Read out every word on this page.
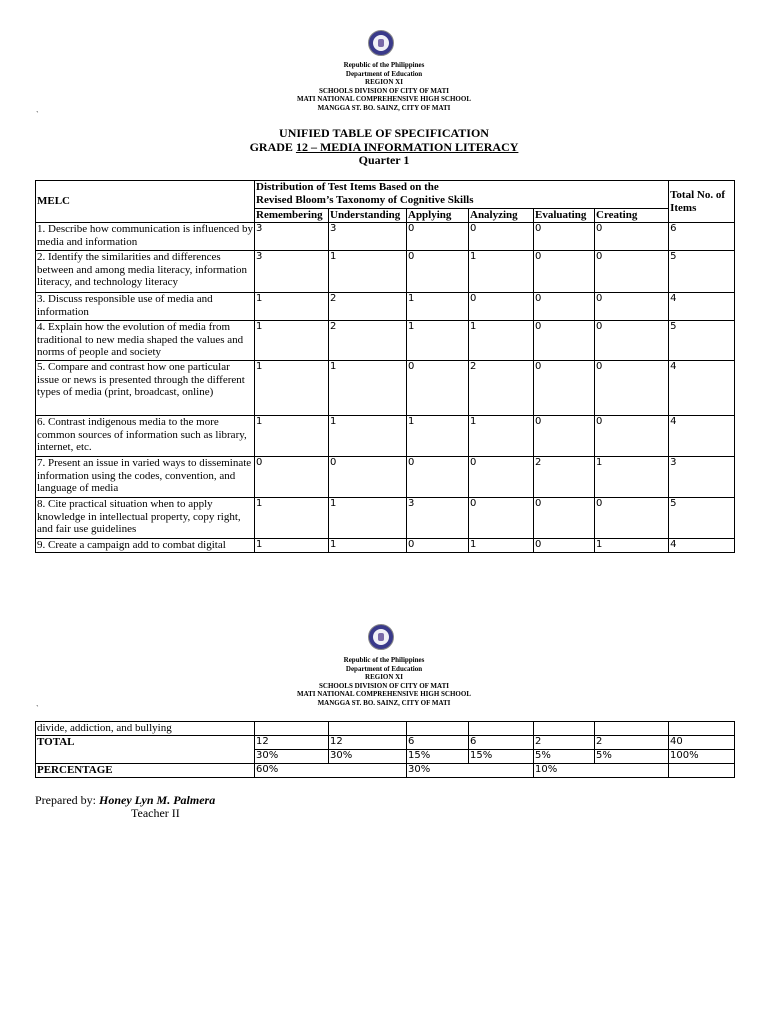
Republic of the Philippines
Department of Education
REGION XI
SCHOOLS DIVISION OF CITY OF MATI
MATI NATIONAL COMPREHENSIVE HIGH SCHOOL
MANGGA ST. BO. SAINZ, CITY OF MATI
`
UNIFIED TABLE OF SPECIFICATION
GRADE 12 – MEDIA INFORMATION LITERACY
Quarter 1
MELC	Distribution of Test Items Based on the
Revised Bloom’s Taxonomy of Cognitive Skills						Total No. of Items
	Remembering	Understanding	Applying	Analyzing	Evaluating	Creating	
1. Describe how communication is influenced by media and information	3	3	0	0	0	0	6
2. Identify the similarities and differences between and among media literacy, information literacy, and technology literacy	3	1	0	1	0	0	5
3. Discuss responsible use of media and information	1	2	1	0	0	0	4
4. Explain how the evolution of media from traditional to new media shaped the values and norms of people and society	1	2	1	1	0	0	5
5. Compare and contrast how one particular issue or news is presented through the different types of media (print, broadcast, online)	1	1	0	2	0	0	4
6. Contrast indigenous media to the more common sources of information such as library, internet, etc.	1	1	1	1	0	0	4
7. Present an issue in varied ways to disseminate information using the codes, convention, and language of media	0	0	0	0	2	1	3
8. Cite practical situation when to apply knowledge in intellectual property, copy right, and fair use guidelines	1	1	3	0	0	0	5
9. Create a campaign add to combat digital	1	1	0	1	0	1	4
Republic of the Philippines
Department of Education
REGION XI
SCHOOLS DIVISION OF CITY OF MATI
MATI NATIONAL COMPREHENSIVE HIGH SCHOOL
MANGGA ST. BO. SAINZ, CITY OF MATI
`
divide, addiction, and bullying							
TOTAL	12	12	6	6	2	2	40
	30%	30%	15%	15%	5%	5%	100%
PERCENTAGE	60%		30%		10%		
Prepared by: Honey Lyn M. Palmera
Teacher II
